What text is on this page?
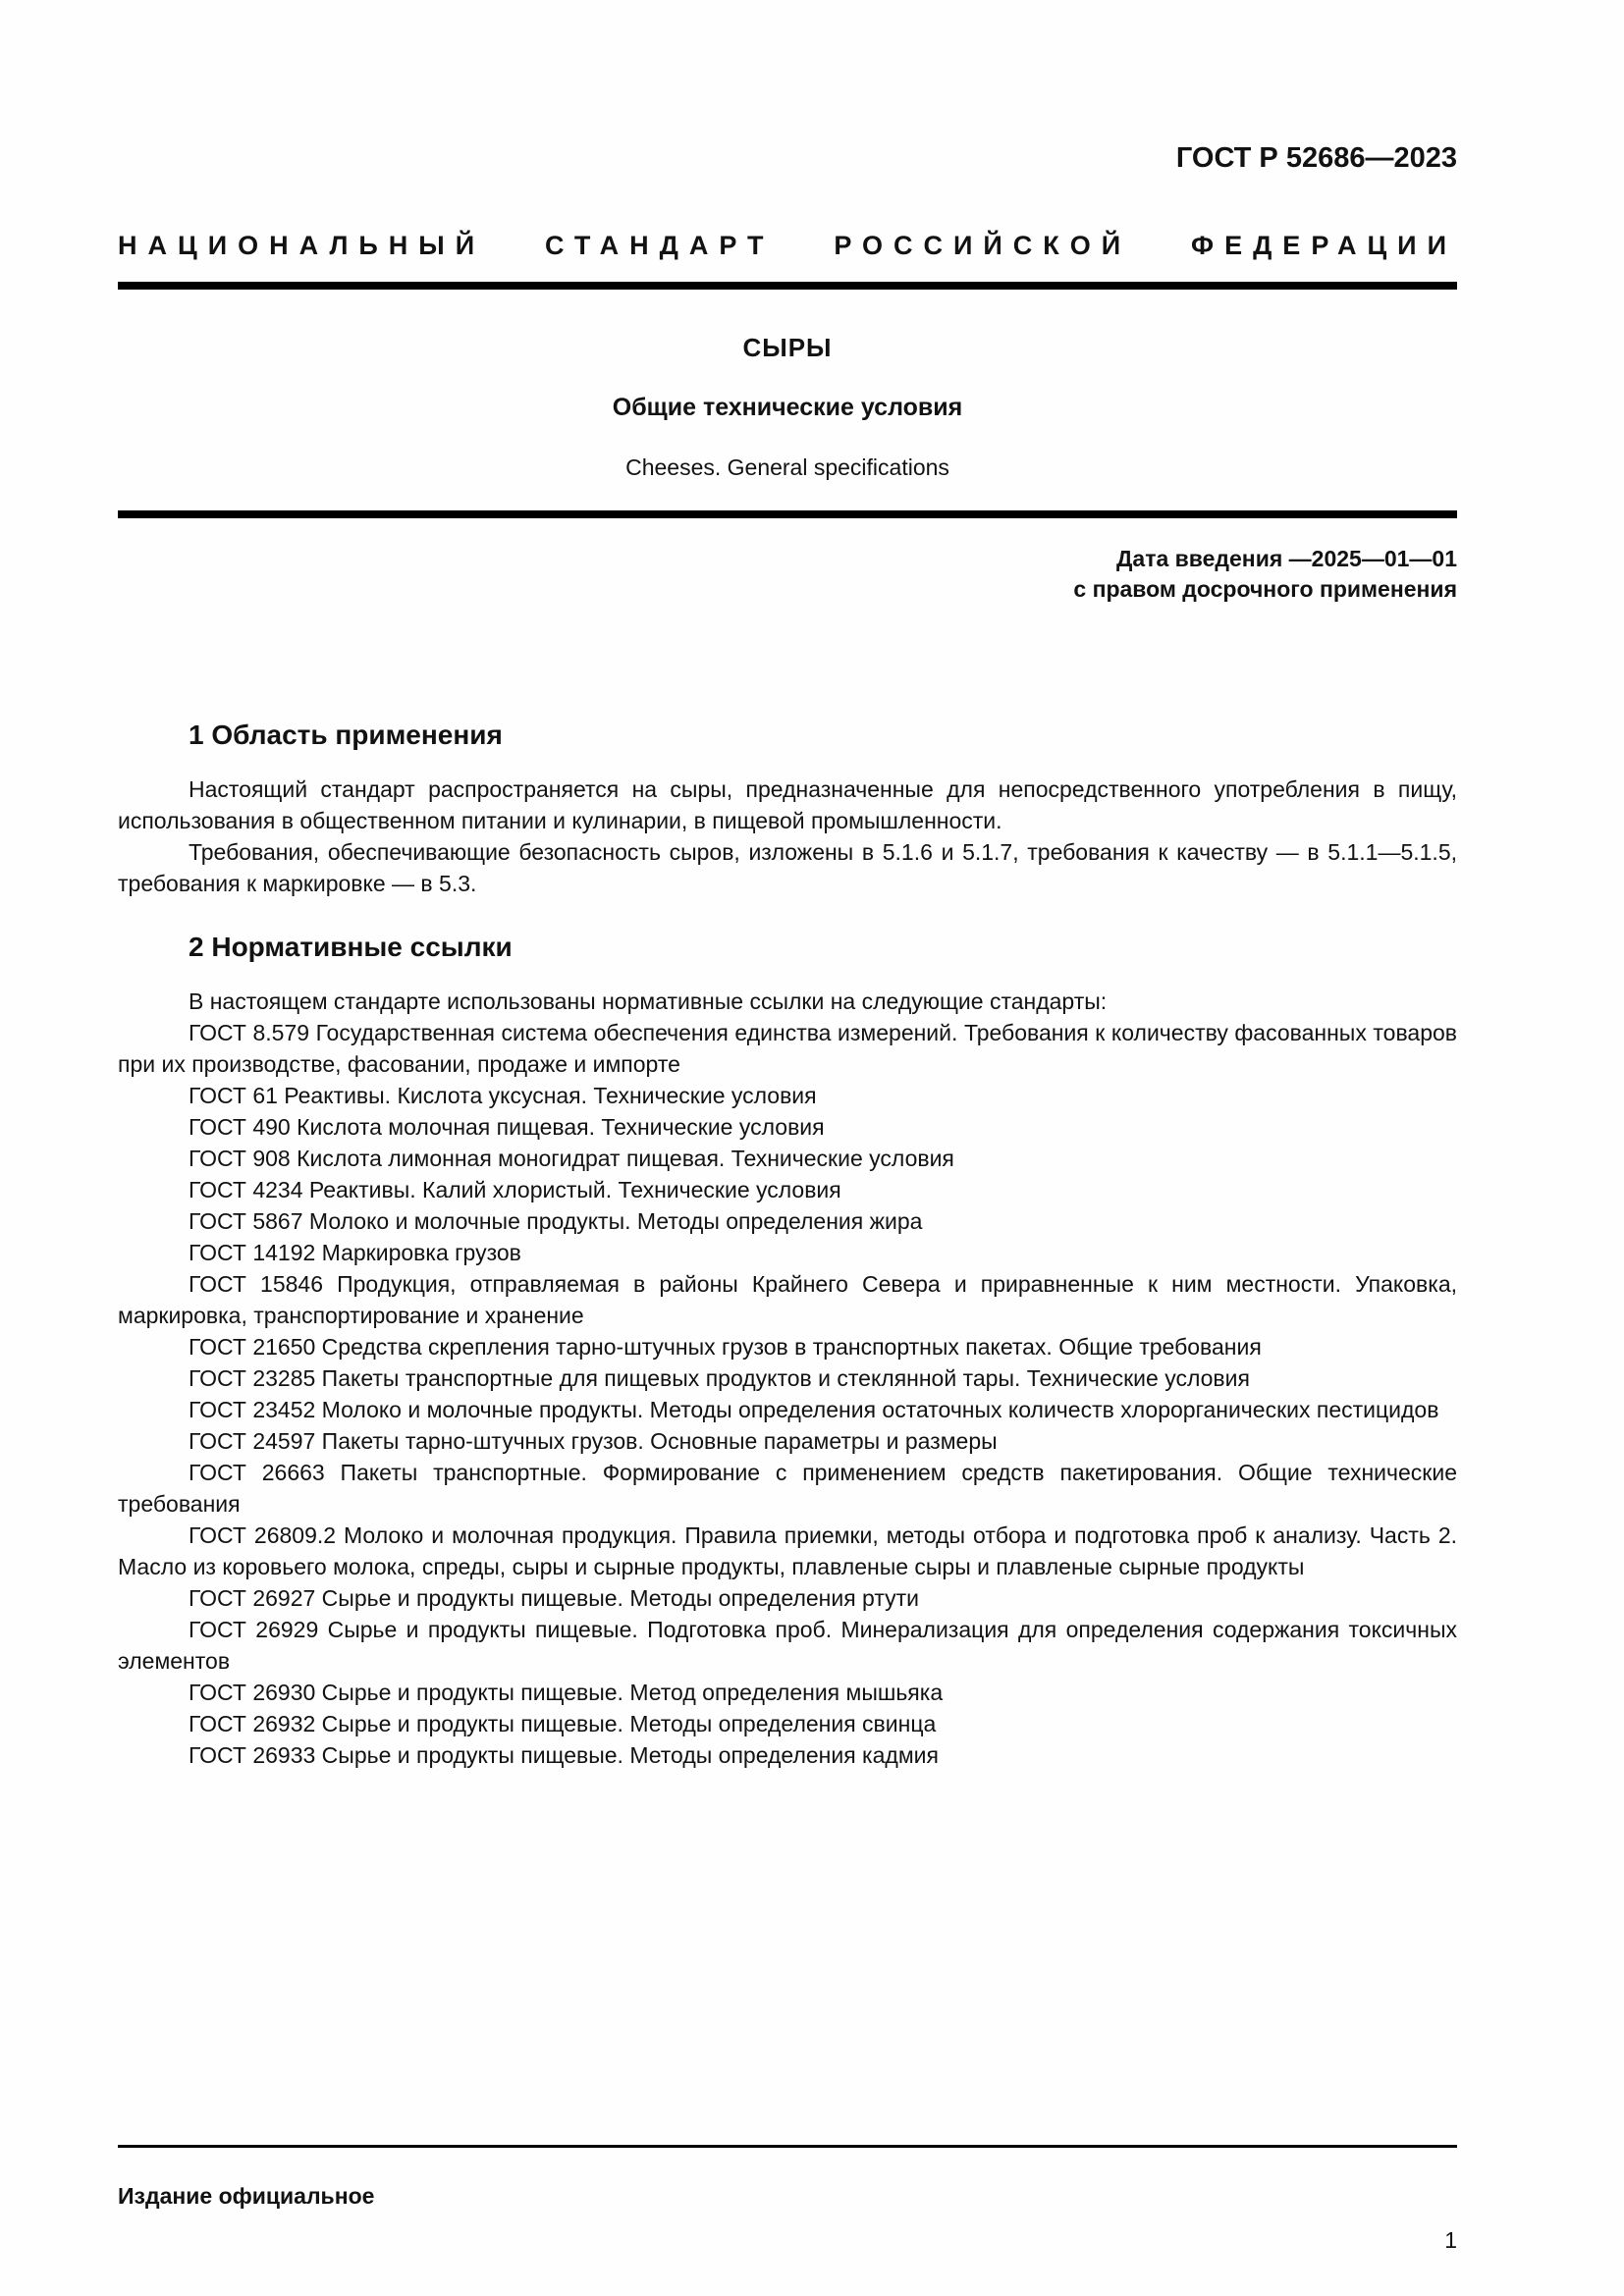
ГОСТ Р 52686—2023
НАЦИОНАЛЬНЫЙ СТАНДАРТ РОССИЙСКОЙ ФЕДЕРАЦИИ
СЫРЫ
Общие технические условия
Cheeses. General specifications
Дата введения —2025—01—01
с правом досрочного применения
1 Область применения

Настоящий стандарт распространяется на сыры, предназначенные для непосредственного употребления в пищу, использования в общественном питании и кулинарии, в пищевой промышленности.

Требования, обеспечивающие безопасность сыров, изложены в 5.1.6 и 5.1.7, требования к качеству — в 5.1.1—5.1.5, требования к маркировке — в 5.3.

2 Нормативные ссылки

В настоящем стандарте использованы нормативные ссылки на следующие стандарты:

ГОСТ 8.579 Государственная система обеспечения единства измерений. Требования к количеству фасованных товаров при их производстве, фасовании, продаже и импорте

ГОСТ 61 Реактивы. Кислота уксусная. Технические условия

ГОСТ 490 Кислота молочная пищевая. Технические условия

ГОСТ 908 Кислота лимонная моногидрат пищевая. Технические условия

ГОСТ 4234 Реактивы. Калий хлористый. Технические условия

ГОСТ 5867 Молоко и молочные продукты. Методы определения жира

ГОСТ 14192 Маркировка грузов

ГОСТ 15846 Продукция, отправляемая в районы Крайнего Севера и приравненные к ним местности. Упаковка, маркировка, транспортирование и хранение

ГОСТ 21650 Средства скрепления тарно-штучных грузов в транспортных пакетах. Общие требования

ГОСТ 23285 Пакеты транспортные для пищевых продуктов и стеклянной тары. Технические условия

ГОСТ 23452 Молоко и молочные продукты. Методы определения остаточных количеств хлорорганических пестицидов

ГОСТ 24597 Пакеты тарно-штучных грузов. Основные параметры и размеры

ГОСТ 26663 Пакеты транспортные. Формирование с применением средств пакетирования. Общие технические требования

ГОСТ 26809.2 Молоко и молочная продукция. Правила приемки, методы отбора и подготовка проб к анализу. Часть 2. Масло из коровьего молока, спреды, сыры и сырные продукты, плавленые сыры и плавленые сырные продукты

ГОСТ 26927 Сырье и продукты пищевые. Методы определения ртути

ГОСТ 26929 Сырье и продукты пищевые. Подготовка проб. Минерализация для определения содержания токсичных элементов

ГОСТ 26930 Сырье и продукты пищевые. Метод определения мышьяка

ГОСТ 26932 Сырье и продукты пищевые. Методы определения свинца

ГОСТ 26933 Сырье и продукты пищевые. Методы определения кадмия

Издание официальное
1
